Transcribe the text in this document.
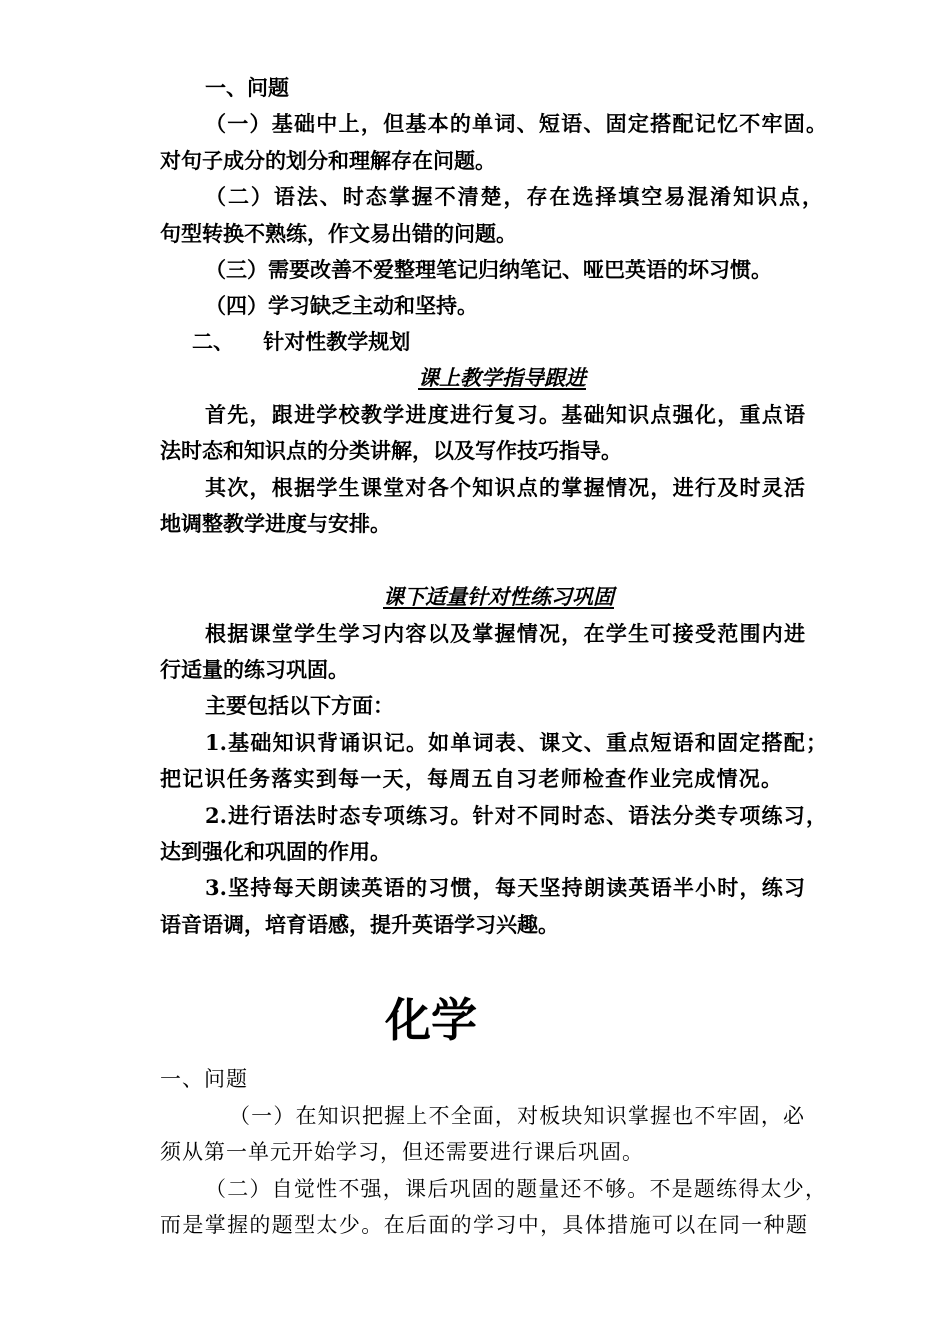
一、问题

（一）基础中上，但基本的单词、短语、固定搭配记忆不牢固。

对句子成分的划分和理解存在问题。

（二）语法、时态掌握不清楚，存在选择填空易混淆知识点，

句型转换不熟练，作文易出错的问题。

（三）需要改善不爱整理笔记归纳笔记、哑巴英语的坏习惯。

（四）学习缺乏主动和坚持。

二、    针对性教学规划

课上教学指导跟进

首先，跟进学校教学进度进行复习。基础知识点强化，重点语

法时态和知识点的分类讲解，以及写作技巧指导。

其次，根据学生课堂对各个知识点的掌握情况，进行及时灵活

地调整教学进度与安排。

课下适量针对性练习巩固

根据课堂学生学习内容以及掌握情况，在学生可接受范围内进

行适量的练习巩固。

主要包括以下方面：

1.基础知识背诵识记。如单词表、课文、重点短语和固定搭配；

把记识任务落实到每一天，每周五自习老师检查作业完成情况。

2.进行语法时态专项练习。针对不同时态、语法分类专项练习，

达到强化和巩固的作用。

3.坚持每天朗读英语的习惯，每天坚持朗读英语半小时，练习

语音语调，培育语感，提升英语学习兴趣。

化学

一、问题

（一）在知识把握上不全面，对板块知识掌握也不牢固，必

须从第一单元开始学习，但还需要进行课后巩固。

（二）自觉性不强，课后巩固的题量还不够。不是题练得太少，

而是掌握的题型太少。在后面的学习中，具体措施可以在同一种题
